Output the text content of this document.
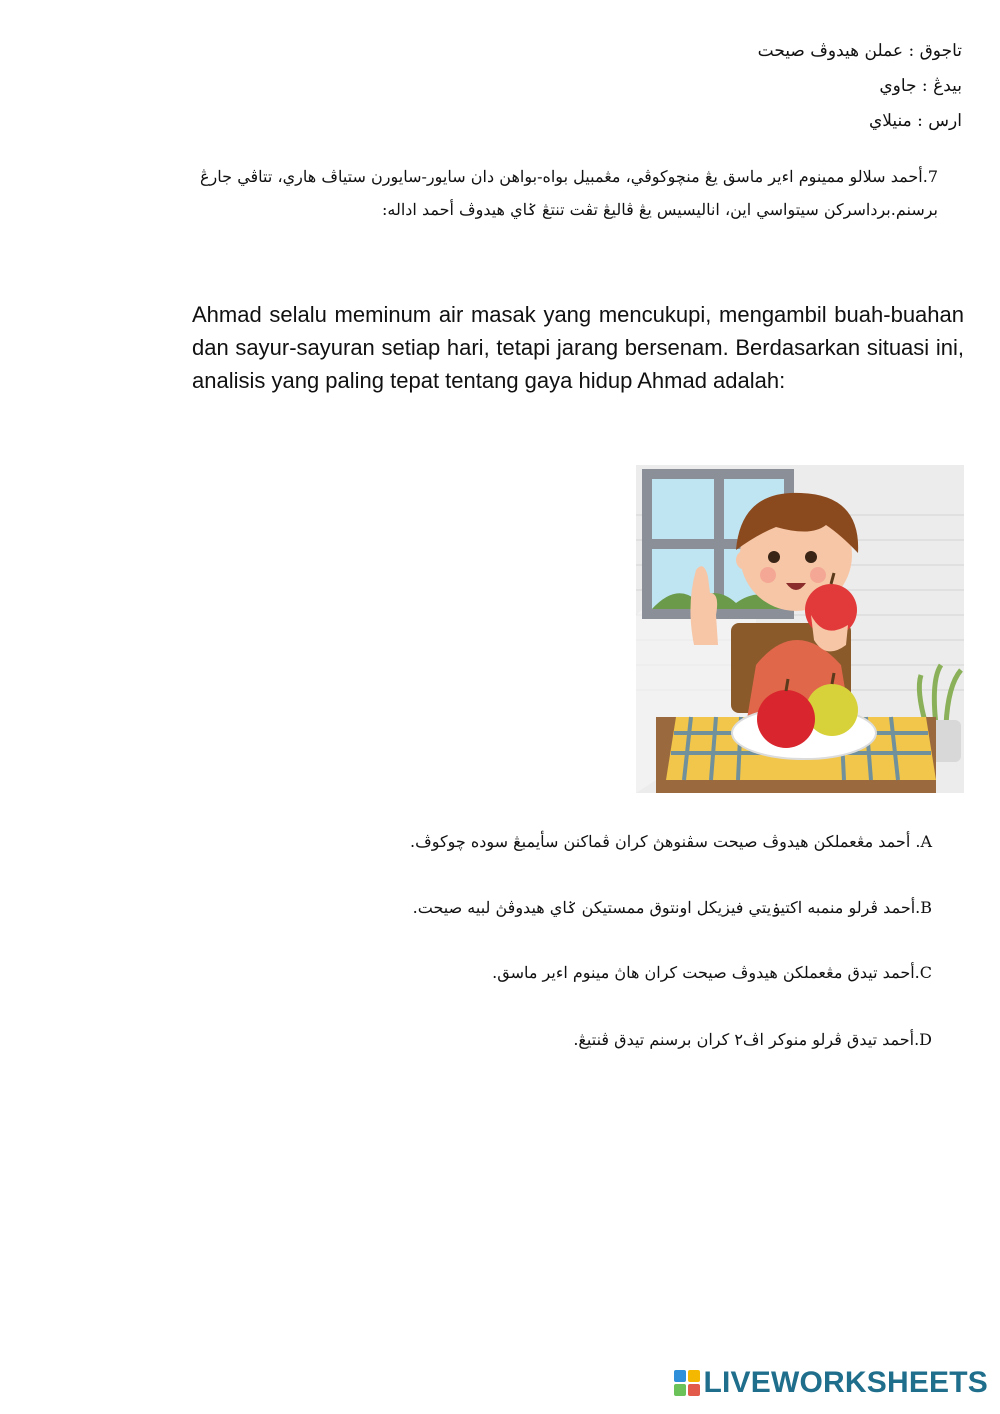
تاجوق : عملن هيدوڤ صيحت
بيدڠ : جاوي
ارس : منيلاي
7.أحمد سلالو ممينوم اءير ماسق يڠ منچوكوڤي، مڠمبيل بواه-بواهن دان سايور-سايورن ستياڤ هاري، تتاڤي جارڠ برسنم.برداسركن سيتواسي اين، اناليسيس يڠ ڤاليڠ تڤت تنتڠ ݢاي هيدوڤ أحمد اداله:
Ahmad selalu meminum air masak yang mencukupi, mengambil buah-buahan dan sayur-sayuran setiap hari, tetapi jarang bersenam. Berdasarkan situasi ini, analisis yang paling tepat tentang gaya hidup Ahmad adalah:
A. أحمد مڠعملكن هيدوڤ صيحت سڤنوهڽ كران ڤماكنن سأيمبڠ سوده چوكوڤ.
B.أحمد ڤرلو منمبه اكتيۏيتي فيزيكل اونتوق ممستيكن ݢاي هيدوڤڽ لبيه صيحت.
C.أحمد تيدق مڠعملكن هيدوڤ صيحت كران هاڽ مينوم اءير ماسق.
D.أحمد تيدق ڤرلو منوكر اڤ٢ كران برسنم تيدق ڤنتيڠ.
LIVEWORKSHEETS
